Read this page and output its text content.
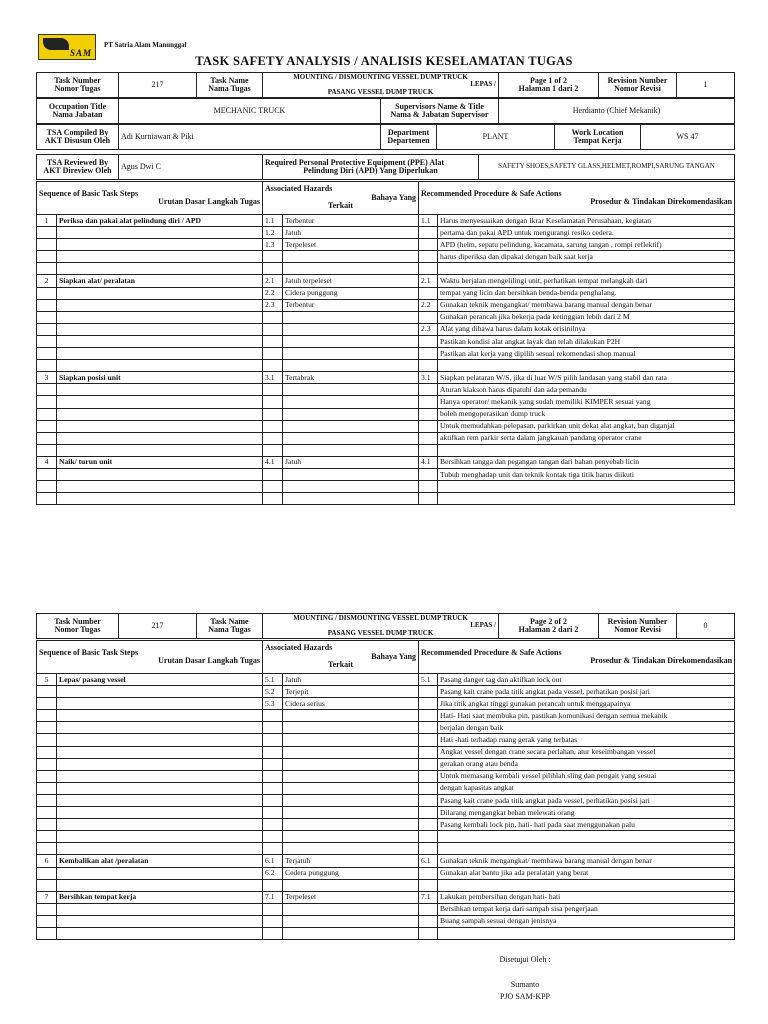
SAM
PT Satria Alam Manunggal
TASK SAFETY ANALYSIS / ANALISIS KESELAMATAN TUGAS
Task Number
Nomor Tugas	217	Task Name
Nama Tugas	
MOUNTING / DISMOUNTING VESSEL DUMP TRUCK
LEPAS /
PASANG VESSEL DUMP TRUCK
	Page 1 of 2
Halaman 1 dari 2	Revision Number
Nomor Revisi	1
Occupation Title
Nama Jabatan	MECHANIC TRUCK	Supervisors Name & Title
Nama & Jabatan Supervisor	Herdianto (Chief Mekanik)
TSA Compiled By
AKT Disusun Oleh	Adi Kurniawan & Piki	Department
Departemen	PLANT	Work Location
Tempat Kerja	WS 47
TSA Reviewed By
AKT Direview Oleh	Agus Dwi C	Required Personal Protective Equipment (PPE) Alat

Pelindung Diri (APD) Yang Diperlukan	SAFETY SHOES,SAFETY GLASS,HELMET,ROMPI,SARUNG TANGAN
Sequence of Basic Task Steps
Urutan Dasar Langkah Tugas		Associated Hazards
Bahaya Yang
Terkait		Recommended Procedure & Safe Actions
Prosedur & Tindakan Direkomendasikan	

1	Periksa dan pakai alat pelindung diri / APD	1.1	Terbentur	1.1	Harus menyesuaikan dengan Ikrar Keselamatan Perusahaan, kegiatan
		1.2	Jatuh		pertama dan pakai APD untuk mengurangi resiko cedera.
		1.3	Terpeleset		APD (helm, sepatu pelindung, kacamata, sarung tangan , rompi reflektif)
					harus diperiksa dan dipakai dengan baik saat kerja

2	Siapkan alat/ peralatan	2.1	Jatuh terpeleset	2.1	Waktu berjalan mengelilingi unit, perhatikan tempat melangkah dari
		2.2	Cidera punggung		tempat yang licin dan bersihkan benda-benda penghalang.
		2.3	Terbentur	2.2	Gunakan teknik mengangkat/ membawa barang manual dengan benar
					Gunakan perancah jika bekerja pada ketinggian lebih dari 2 M
				2.3	Alat yang dibawa harus dalam kotak orisinilnya
					Pastikan kondisi alat angkat layak dan telah dilakukan P2H
					Pastikan alat kerja yang dipilih sesuai rekomendasi shop manual

3	Siapkan posisi unit	3.1	Tertabrak	3.1	Siapkan pelataran W/S, jika di luar W/S pilih landasan yang stabil dan rata
					Aturan klakson harus dipatuhi dan ada pemandu
					Hanya operator/ mekanik yang sudah memiliki KIMPER sesuai yang
					boleh mengoperasikan dump truck
					Untuk memudahkan pelepasan, parkirkan unit dekat alat angkat, ban diganjal
					aktifkan rem parkir serta dalam jangkauan pandang operator crane

4	Naik/ turun unit	4.1	Jatuh	4.1	Bersihkan tangga dan pegangan tangan dari bahan penyebab licin
					Tubuh menghadap unit dan teknik kontak tiga titik harus diikuti

Task Number
Nomor Tugas	217	Task Name
Nama Tugas	
MOUNTING / DISMOUNTING VESSEL DUMP TRUCK
LEPAS /
PASANG VESSEL DUMP TRUCK
	Page 2 of 2
Halaman 2 dari 2	Revision Number
Nomor Revisi	0
Sequence of Basic Task Steps
Urutan Dasar Langkah Tugas		Associated Hazards
Bahaya Yang
Terkait		Recommended Procedure & Safe Actions
Prosedur & Tindakan Direkomendasikan	

5	Lepas/ pasang vessel	5.1	Jatuh	5.1	Pasang danger tag dan aktifkan lock out
		5.2	Terjepit		Pasang kait crane pada titik angkat pada vessel, perhatikan posisi jari
		5.3	Cidera serius		Jika titik angkat tinggi gunakan perancah untuk menggapainya
					Hati- Hati saat membuka pin, pastikan komunikasi dengan semua mekanik
					berjalan dengan baik
					Hati -hati terhadap ruang gerak yang terbatas
					Angkat vessel dengan crane secara perlahan, atur keseimbangan vessel
					gerakan orang atau benda
					Untuk memasang kembali vessel pilihlah sling dan pengait yang sesuai
					dengan kapasitas angkat
					Pasang kait crane pada titik angkat pada vessel, perhatikan posisi jari
					Dilarang mengangkat beban melewati orang
					Pasang kembali lock pin, hati- hati pada saat menggunakan palu

6	Kembalikan alat /peralatan	6.1	Terjatuh	6.1	Gunakan teknik mengangkat/ membawa barang manual dengan benar
		6.2	Cedera punggung		Gunakan alat bantu jika ada peralatan yang berat

7	Bersihkan tempat kerja	7.1	Terpeleset	7.1	Lakukan pembersihan dengan hati- hati
					Bersihkan tempat kerja dari sampah sisa pengerjaan
					Buang sampah sesuai dengan jenisnya

Disetujui Oleh :
Sumanto
PJO SAM-KPP
